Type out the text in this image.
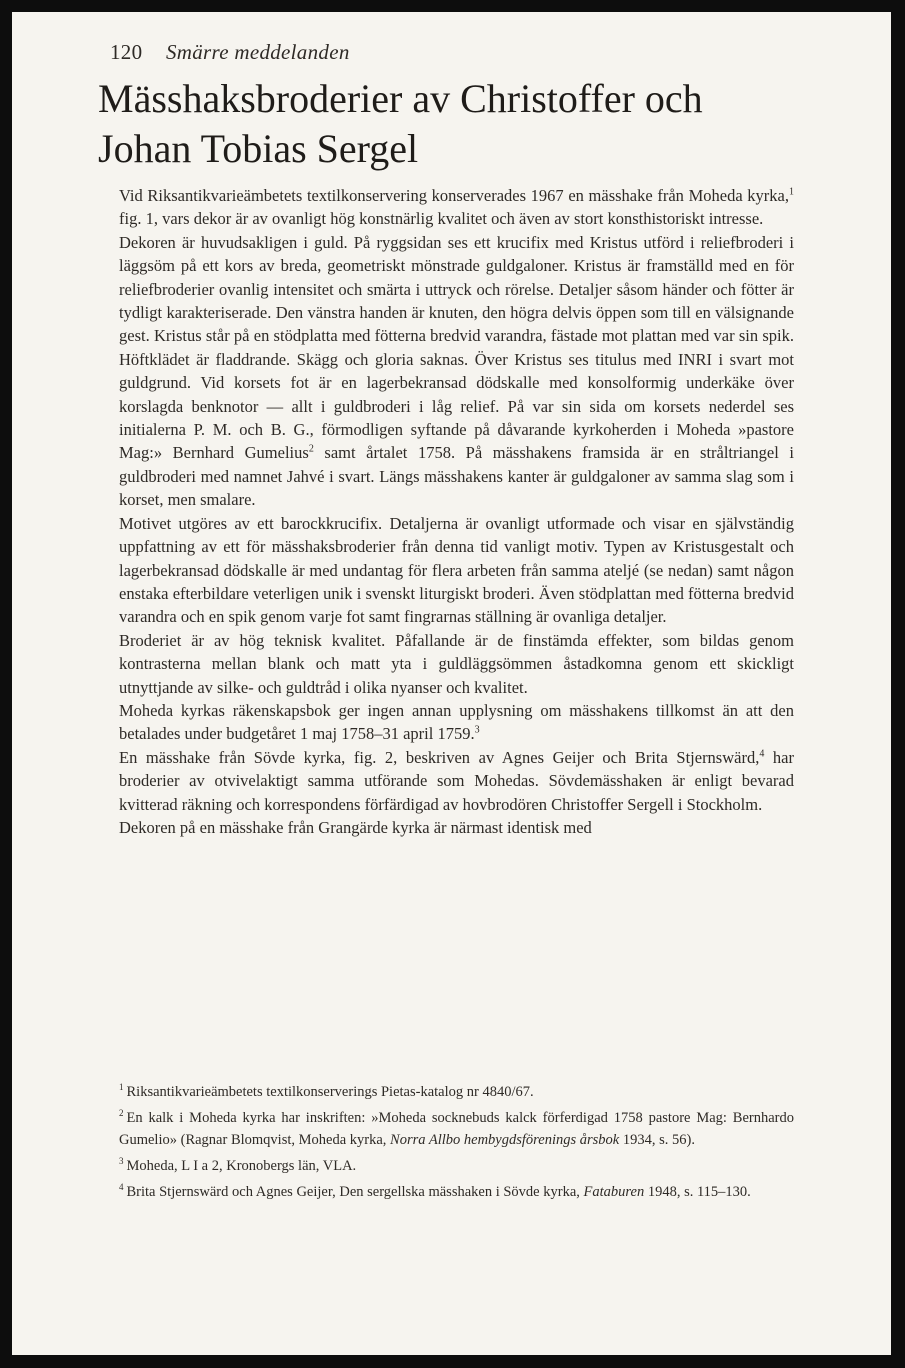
120 Smärre meddelanden
Mässhaksbroderier av Christoffer och
Johan Tobias Sergel

Vid Riksantikvarieämbetets textilkonservering konserverades 1967 en mässhake från Moheda kyrka,$^1$ fig. 1, vars dekor är av ovanligt hög konstnärlig kvalitet och även av stort konsthistoriskt intresse.

Dekoren är huvudsakligen i guld. På ryggsidan ses ett krucifix med Kristus utförd i reliefbroderi i läggsöm på ett kors av breda, geometriskt mönstrade guldgaloner. Kristus är framställd med en för reliefbroderier ovanlig intensitet och smärta i uttryck och rörelse. Detaljer såsom händer och fötter är tydligt karakteriserade. Den vänstra handen är knuten, den högra delvis öppen som till en välsignande gest. Kristus står på en stödplatta med fötterna bredvid varandra, fästade mot plattan med var sin spik. Höftklädet är fladdrande. Skägg och gloria saknas. Över Kristus ses titulus med INRI i svart mot guldgrund. Vid korsets fot är en lagerbekransad dödskalle med konsolformig underkäke över korslagda benknotor — allt i guldbroderi i låg relief. På var sin sida om korsets nederdel ses initialerna P. M. och B. G., förmodligen syftande på dåvarande kyrkoherden i Moheda »pastore Mag:» Bernhard Gumelius$^2$ samt årtalet 1758. På mässhakens framsida är en stråltriangel i guldbroderi med namnet Jahvé i svart. Längs mässhakens kanter är guldgaloner av samma slag som i korset, men smalare.

Motivet utgöres av ett barockkrucifix. Detaljerna är ovanligt utformade och visar en självständig uppfattning av ett för mässhaksbroderier från denna tid vanligt motiv. Typen av Kristusgestalt och lagerbekransad dödskalle är med undantag för flera arbeten från samma ateljé (se nedan) samt någon enstaka efterbildare veterligen unik i svenskt liturgiskt broderi. Även stödplattan med fötterna bredvid varandra och en spik genom varje fot samt fingrarnas ställning är ovanliga detaljer.

Broderiet är av hög teknisk kvalitet. Påfallande är de finstämda effekter, som bildas genom kontrasterna mellan blank och matt yta i guldläggsömmen åstadkomna genom ett skickligt utnyttjande av silke- och guldtråd i olika nyanser och kvalitet.

Moheda kyrkas räkenskapsbok ger ingen annan upplysning om mässhakens tillkomst än att den betalades under budgetåret 1 maj 1758–31 april 1759.$^3$

En mässhake från Sövde kyrka, fig. 2, beskriven av Agnes Geijer och Brita Stjernswärd,$^4$ har broderier av otvivelaktigt samma utförande som Mohedas. Sövdemässhaken är enligt bevarad kvitterad räkning och korrespondens förfärdigad av hovbrodören Christoffer Sergell i Stockholm.

Dekoren på en mässhake från Grangärde kyrka är närmast identisk med

$^1$ Riksantikvarieämbetets textilkonserverings Pietas-katalog nr 4840/67.

$^2$ En kalk i Moheda kyrka har inskriften: »Moheda socknebuds kalck förferdigad 1758 pastore Mag: Bernhardo Gumelio» (Ragnar Blomqvist, Moheda kyrka, Norra Allbo hembygdsförenings årsbok 1934, s. 56).

$^3$ Moheda, L I a 2, Kronobergs län, VLA.

$^4$ Brita Stjernswärd och Agnes Geijer, Den sergellska mässhaken i Sövde kyrka, Fataburen 1948, s. 115–130.
